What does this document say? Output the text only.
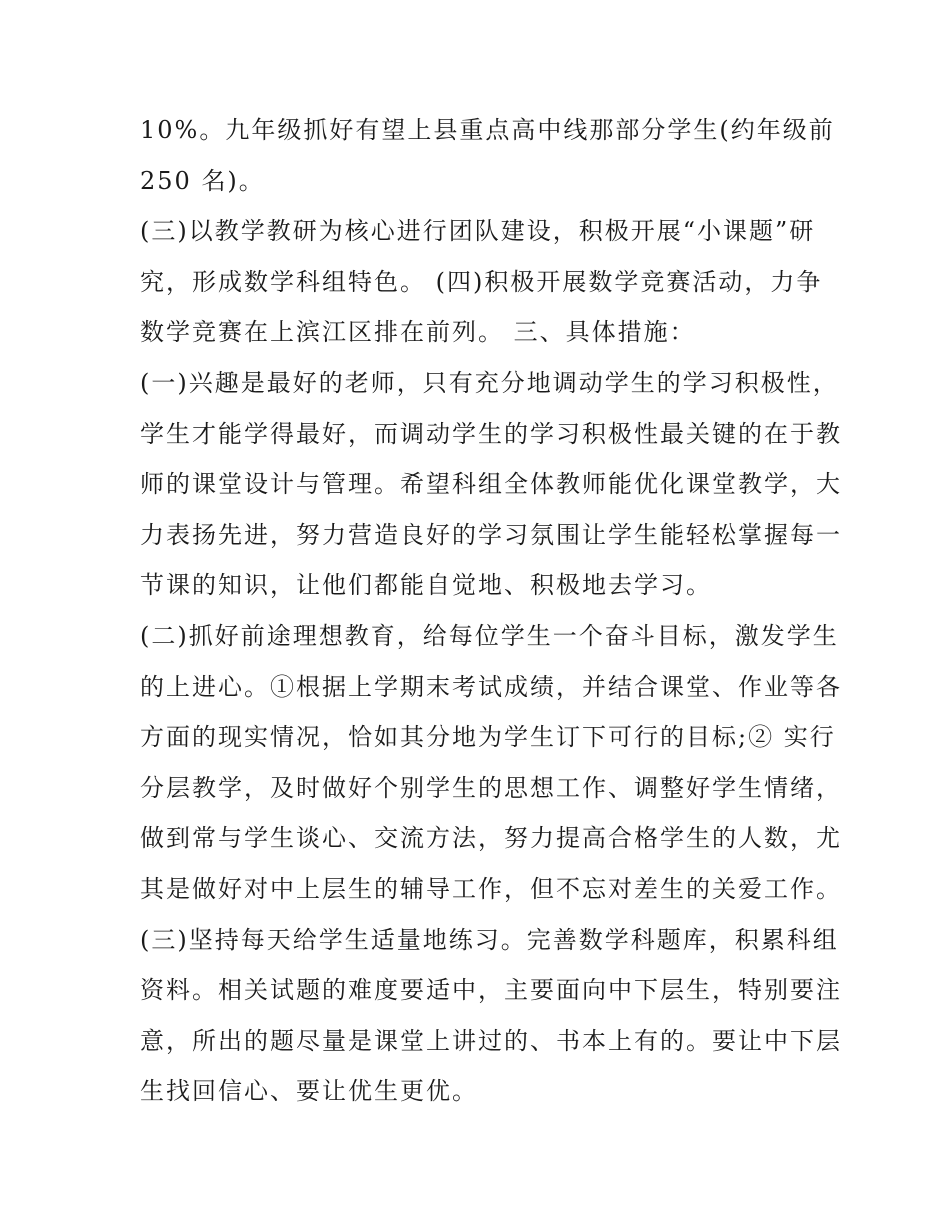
10%。九年级抓好有望上县重点高中线那部分学生(约年级前
250 名)。
(三)以教学教研为核心进行团队建设，积极开展“小课题”研
究，形成数学科组特色。 (四)积极开展数学竞赛活动，力争
数学竞赛在上滨江区排在前列。 三、具体措施：
(一)兴趣是最好的老师，只有充分地调动学生的学习积极性，
学生才能学得最好，而调动学生的学习积极性最关键的在于教
师的课堂设计与管理。希望科组全体教师能优化课堂教学，大
力表扬先进，努力营造良好的学习氛围让学生能轻松掌握每一
节课的知识，让他们都能自觉地、积极地去学习。
(二)抓好前途理想教育，给每位学生一个奋斗目标，激发学生
的上进心。①根据上学期末考试成绩，并结合课堂、作业等各
方面的现实情况，恰如其分地为学生订下可行的目标;② 实行
分层教学，及时做好个别学生的思想工作、调整好学生情绪，
做到常与学生谈心、交流方法，努力提高合格学生的人数，尤
其是做好对中上层生的辅导工作，但不忘对差生的关爱工作。
(三)坚持每天给学生适量地练习。完善数学科题库，积累科组
资料。相关试题的难度要适中，主要面向中下层生，特别要注
意，所出的题尽量是课堂上讲过的、书本上有的。要让中下层
生找回信心、要让优生更优。
